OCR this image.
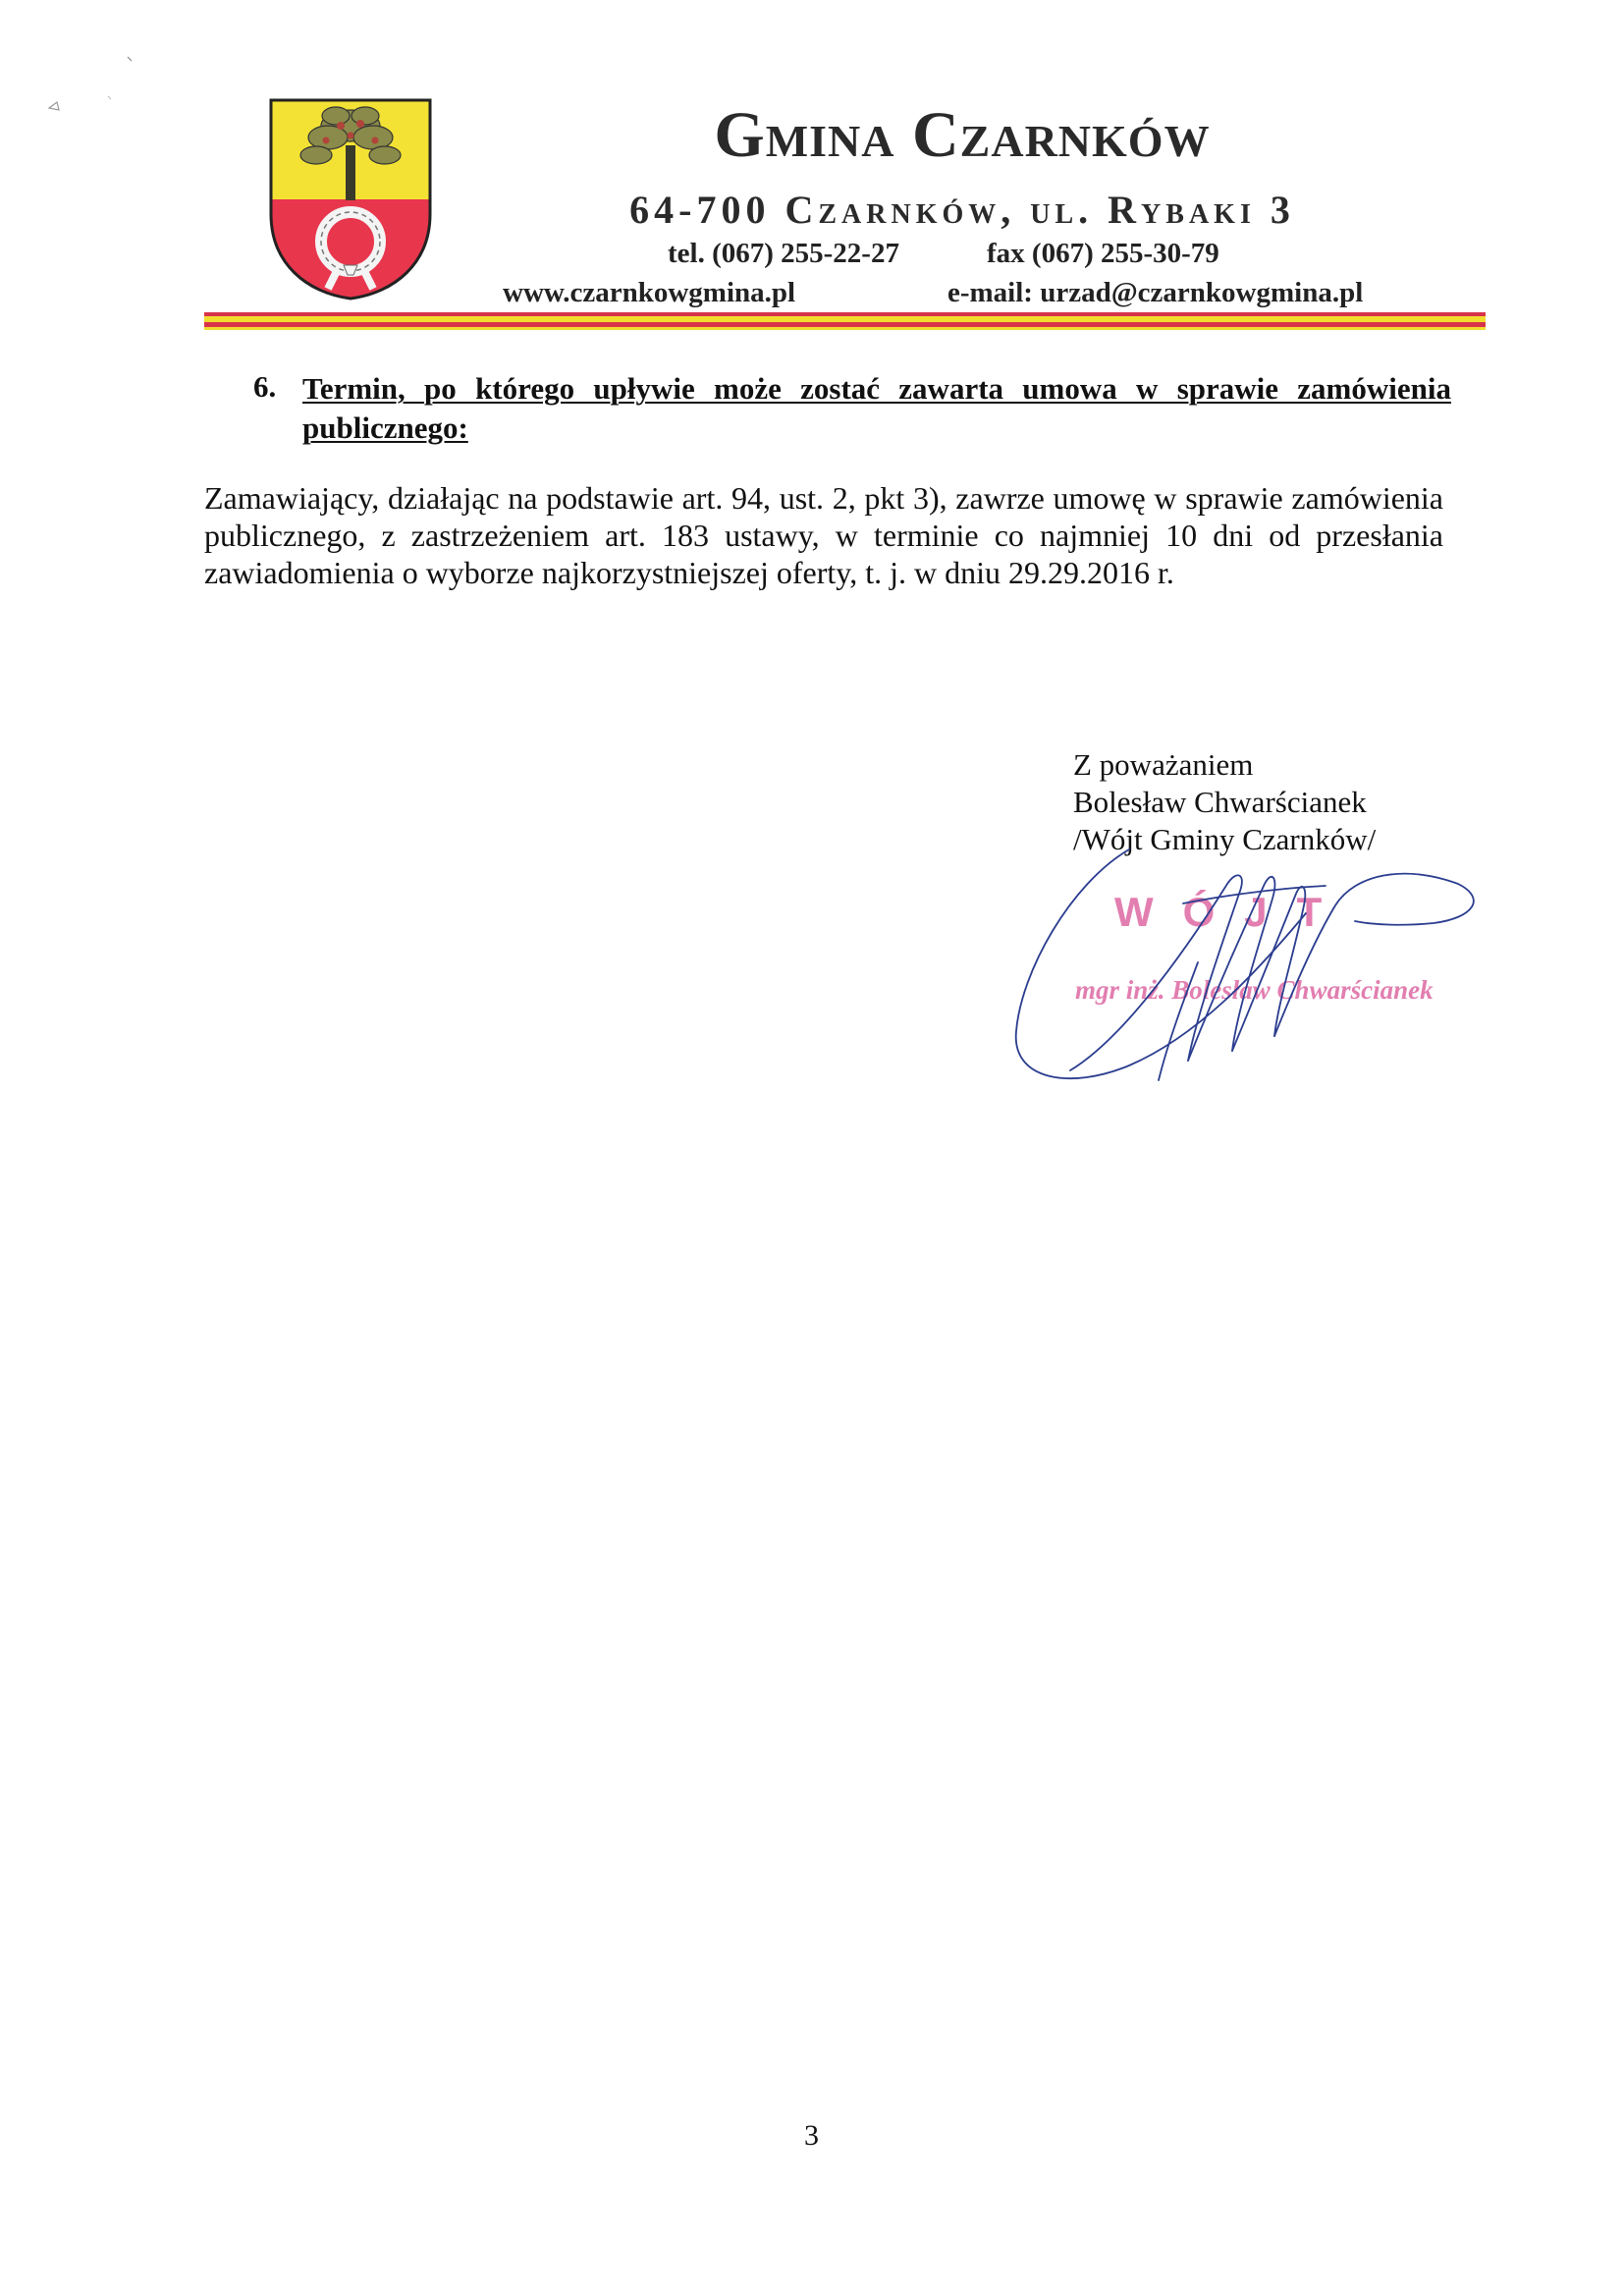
Gmina Czarnków
64-700 Czarnków, ul. Rybaki 3
tel. (067) 255-22-27	fax (067) 255-30-79
www.czarnkowgmina.pl	e-mail: urzad@czarnkowgmina.pl
6. Termin, po którego upływie może zostać zawarta umowa w sprawie zamówienia publicznego:
Zamawiający, działając na podstawie art. 94, ust. 2, pkt 3), zawrze umowę w sprawie zamówienia publicznego, z zastrzeżeniem art. 183 ustawy, w terminie co najmniej 10 dni od przesłania zawiadomienia o wyborze najkorzystniejszej oferty, t. j. w dniu 29.29.2016 r.
Z poważaniem
Bolesław Chwarścianek
/Wójt Gminy Czarnków/
WÓJT
mgr inż. Bolesław Chwarścianek
3
